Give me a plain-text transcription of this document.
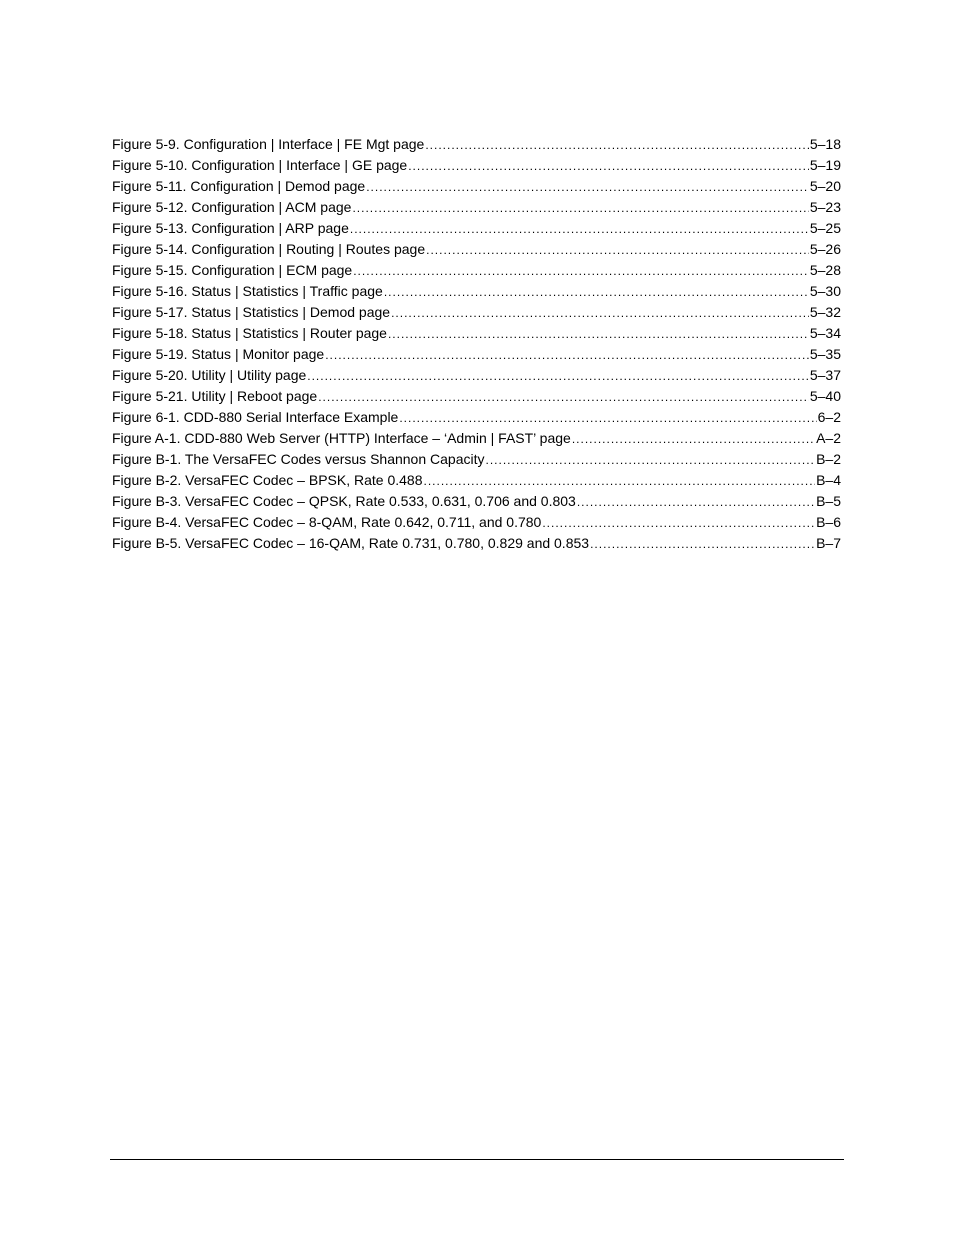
Figure 5-9. Configuration | Interface | FE Mgt page .....	5–18
Figure 5-10. Configuration | Interface | GE page .....	5–19
Figure 5-11. Configuration | Demod page .....	5–20
Figure 5-12. Configuration | ACM page .....	5–23
Figure 5-13. Configuration | ARP page .....	5–25
Figure 5-14. Configuration | Routing | Routes page .....	5–26
Figure 5-15. Configuration | ECM page .....	5–28
Figure 5-16. Status | Statistics | Traffic page .....	5–30
Figure 5-17. Status | Statistics | Demod page .....	5–32
Figure 5-18. Status | Statistics | Router page .....	5–34
Figure 5-19. Status | Monitor page .....	5–35
Figure 5-20. Utility | Utility page .....	5–37
Figure 5-21. Utility | Reboot page .....	5–40
Figure 6-1. CDD-880 Serial Interface Example .....	6–2
Figure A-1. CDD-880 Web Server (HTTP) Interface – ‘Admin | FAST’ page .....	A–2
Figure B-1. The VersaFEC Codes versus Shannon Capacity .....	B–2
Figure B-2. VersaFEC Codec – BPSK, Rate 0.488 .....	B–4
Figure B-3. VersaFEC Codec – QPSK, Rate 0.533, 0.631, 0.706 and 0.803 .....	B–5
Figure B-4. VersaFEC Codec – 8-QAM, Rate 0.642, 0.711, and 0.780 .....	B–6
Figure B-5. VersaFEC Codec – 16-QAM, Rate 0.731, 0.780, 0.829 and 0.853 .....	B–7
